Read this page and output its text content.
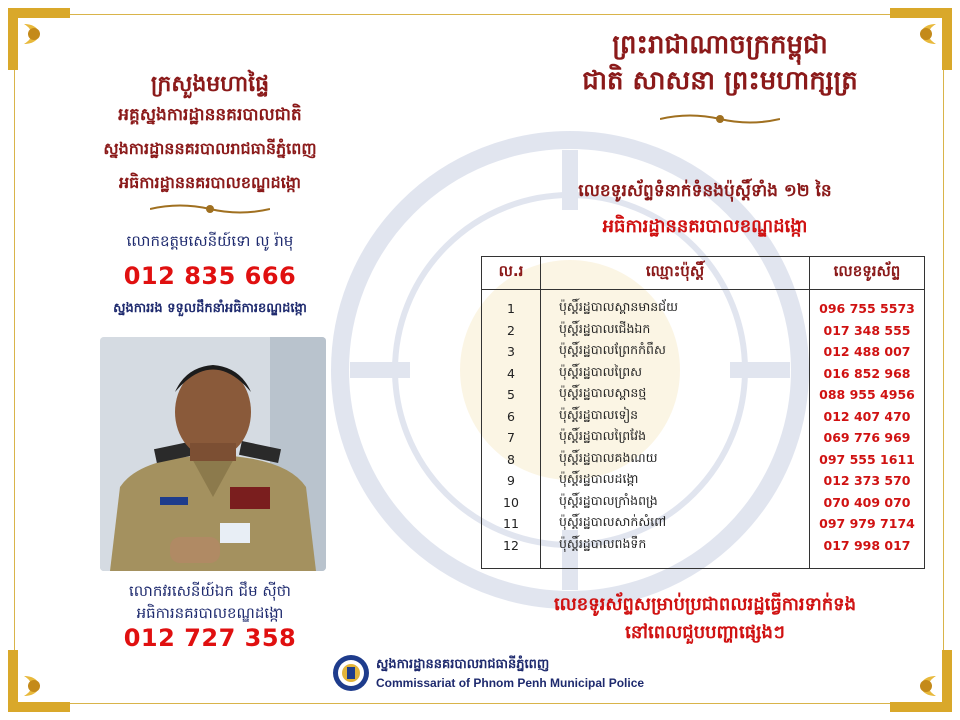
ព្រះរាជាណាចក្រកម្ពុជា
ជាតិ សាសនា ព្រះមហាក្សត្រ
ក្រសួងមហាផ្ទៃ
អគ្គស្នងការដ្ឋាននគរបាលជាតិ
ស្នងការដ្ឋាននគរបាលរាជធានីភ្នំពេញ
អធិការដ្ឋាននគរបាលខណ្ឌដង្កោ
លោកឧត្តមសេនីយ៍ទោ លូ រ៉ាមុ
012 835 666
ស្នងការរង ទទួលដឹកនាំអធិការខណ្ឌដង្កោ
លោកវរសេនីយ៍ឯក ជឹម ស៊ីថា
អធិការនគរបាលខណ្ឌដង្កោ
012 727 358
លេខទូរស័ព្ទទំនាក់ទំនងប៉ុស្តិ៍ទាំង ១២ នៃ
អធិការដ្ឋាននគរបាលខណ្ឌដង្កោ
ល.រ	ឈ្មោះប៉ុស្តិ៍	លេខទូរស័ព្ទ
1	ប៉ុស្តិ៍រដ្ឋបាលស្ពានមានជ័យ	096 755 5573
2	ប៉ុស្តិ៍រដ្ឋបាលជើងឯក	017 348 555
3	ប៉ុស្តិ៍រដ្ឋបាលព្រែកកំពឹស	012 488 007
4	ប៉ុស្តិ៍រដ្ឋបាលព្រៃស	016 852 968
5	ប៉ុស្តិ៍រដ្ឋបាលស្ពានថ្ម	088 955 4956
6	ប៉ុស្តិ៍រដ្ឋបាលទៀន	012 407 470
7	ប៉ុស្តិ៍រដ្ឋបាលព្រៃវែង	069 776 969
8	ប៉ុស្តិ៍រដ្ឋបាលគងណយ	097 555 1611
9	ប៉ុស្តិ៍រដ្ឋបាលដង្កោ	012 373 570
10	ប៉ុស្តិ៍រដ្ឋបាលក្រាំងពង្រ	070 409 070
11	ប៉ុស្តិ៍រដ្ឋបាលសាក់សំពៅ	097 979 7174
12	ប៉ុស្តិ៍រដ្ឋបាលពងទឹក	017 998 017
លេខទូរស័ព្ទសម្រាប់ប្រជាពលរដ្ឋធ្វើការទាក់ទង
នៅពេលជួបបញ្ហាផ្សេងៗ
ស្នងការដ្ឋាននគរបាលរាជធានីភ្នំពេញ
Commissariat of Phnom Penh Municipal Police
